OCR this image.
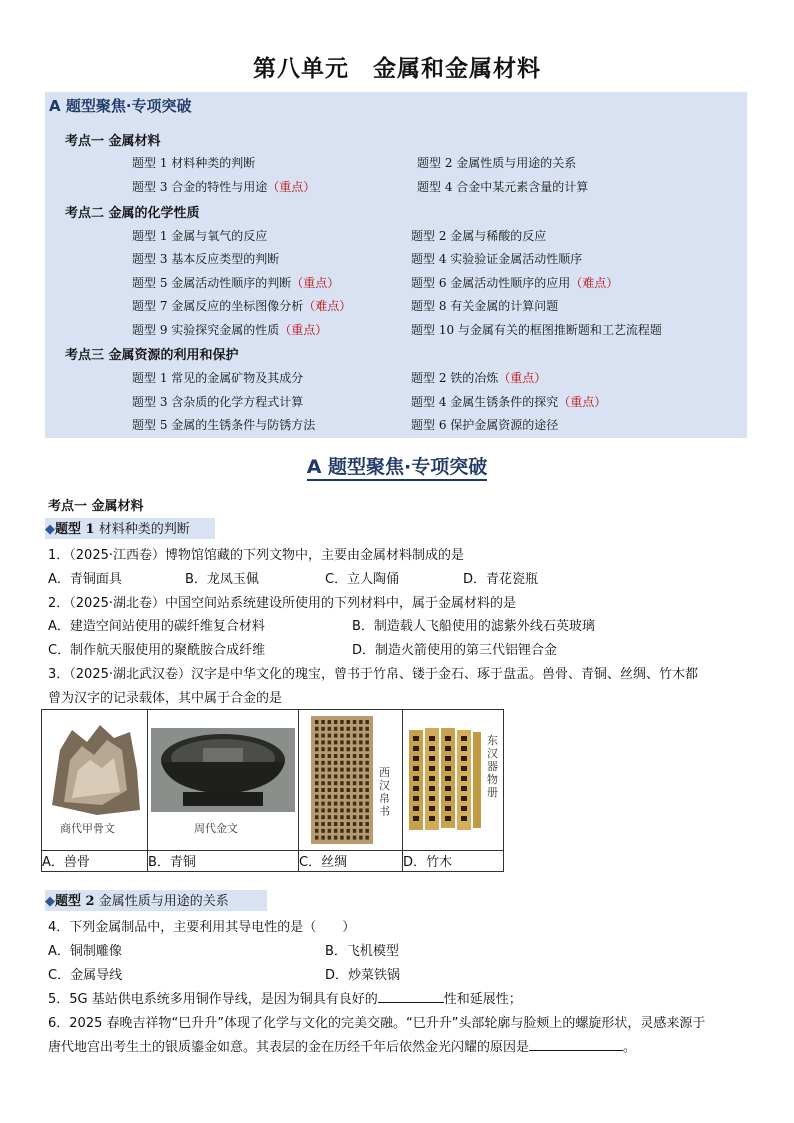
第八单元　金属和金属材料
A 题型聚焦·专项突破
考点一 金属材料
题型 1 材料种类的判断	题型 2 金属性质与用途的关系
题型 3 合金的特性与用途（重点）	题型 4 合金中某元素含量的计算
考点二 金属的化学性质
题型 1 金属与氧气的反应	题型 2 金属与稀酸的反应
题型 3 基本反应类型的判断	题型 4 实验验证金属活动性顺序
题型 5 金属活动性顺序的判断（重点）	题型 6 金属活动性顺序的应用（难点）
题型 7 金属反应的坐标图像分析（难点）	题型 8 有关金属的计算问题
题型 9 实验探究金属的性质（重点）	题型 10 与金属有关的框图推断题和工艺流程题
考点三 金属资源的利用和保护
题型 1 常见的金属矿物及其成分	题型 2 铁的冶炼（重点）
题型 3 含杂质的化学方程式计算	题型 4 金属生锈条件的探究（重点）
题型 5 金属的生锈条件与防锈方法	题型 6 保护金属资源的途径
A 题型聚焦·专项突破
考点一 金属材料
◆题型 1 材料种类的判断
1．（2025·江西卷）博物馆馆藏的下列文物中，主要由金属材料制成的是
A．青铜面具	B．龙凤玉佩	C．立人陶俑	D．青花瓷瓶
2．（2025·湖北卷）中国空间站系统建设所使用的下列材料中，属于金属材料的是
A．建造空间站使用的碳纤维复合材料	B．制造载人飞船使用的滤紫外线石英玻璃
C．制作航天服使用的聚酰胺合成纤维	D．制造火箭使用的第三代铝锂合金
3．（2025·湖北武汉卷）汉字是中华文化的瑰宝，曾书于竹帛、镂于金石、琢于盘盂。兽骨、青铜、丝绸、竹木都
曾为汉字的记录载体，其中属于合金的是
商代甲骨文	周代金文	西汉帛书	东汉器物册

A．兽骨	B．青铜	C．丝绸	D．竹木
◆题型 2 金属性质与用途的关系
4．下列金属制品中，主要利用其导电性的是（　　）
A．铜制雕像	B．飞机模型
C．金属导线	D．炒菜铁锅
5．5G 基站供电系统多用铜作导线，是因为铜具有良好的	性和延展性；
6．2025 春晚吉祥物“巳升升”体现了化学与文化的完美交融。“巳升升”头部轮廓与脸颊上的螺旋形状，灵感来源于
唐代地宫出考生土的银质鎏金如意。其表层的金在历经千年后依然金光闪耀的原因是	。
